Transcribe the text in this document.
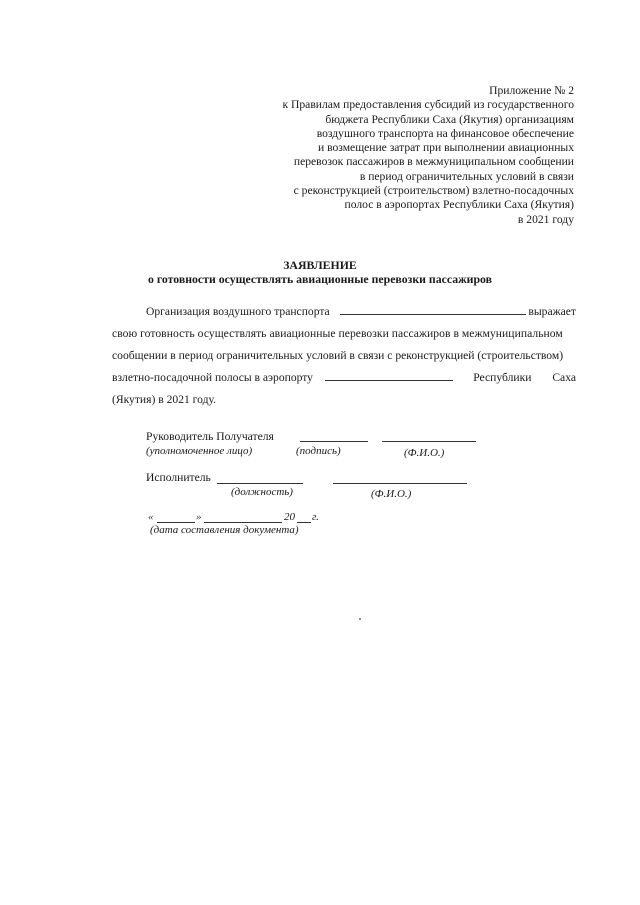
Приложение № 2
к Правилам предоставления субсидий из государственного
бюджета Республики Саха (Якутия) организациям
воздушного транспорта на финансовое обеспечение
и возмещение затрат при выполнении авиационных
перевозок пассажиров в межмуниципальном сообщении
в период ограничительных условий в связи
с реконструкцией (строительством) взлетно-посадочных
полос в аэропортах Республики Саха (Якутия)
в 2021 году
ЗАЯВЛЕНИЕ
о готовности осуществлять авиационные перевозки пассажиров
Организация воздушного транспорта	выражает
свою готовность осуществлять авиационные перевозки пассажиров в межмуниципальном
сообщении в период ограничительных условий в связи с реконструкцией (строительством)
взлетно-посадочной полосы в аэропорту	Республики Саха
(Якутия) в 2021 году.
Руководитель Получателя
(уполномоченное лицо)	(подпись)	(Ф.И.О.)
Исполнитель
(должность)	(Ф.И.О.)
«	»	20 г.
(дата составления документа)
